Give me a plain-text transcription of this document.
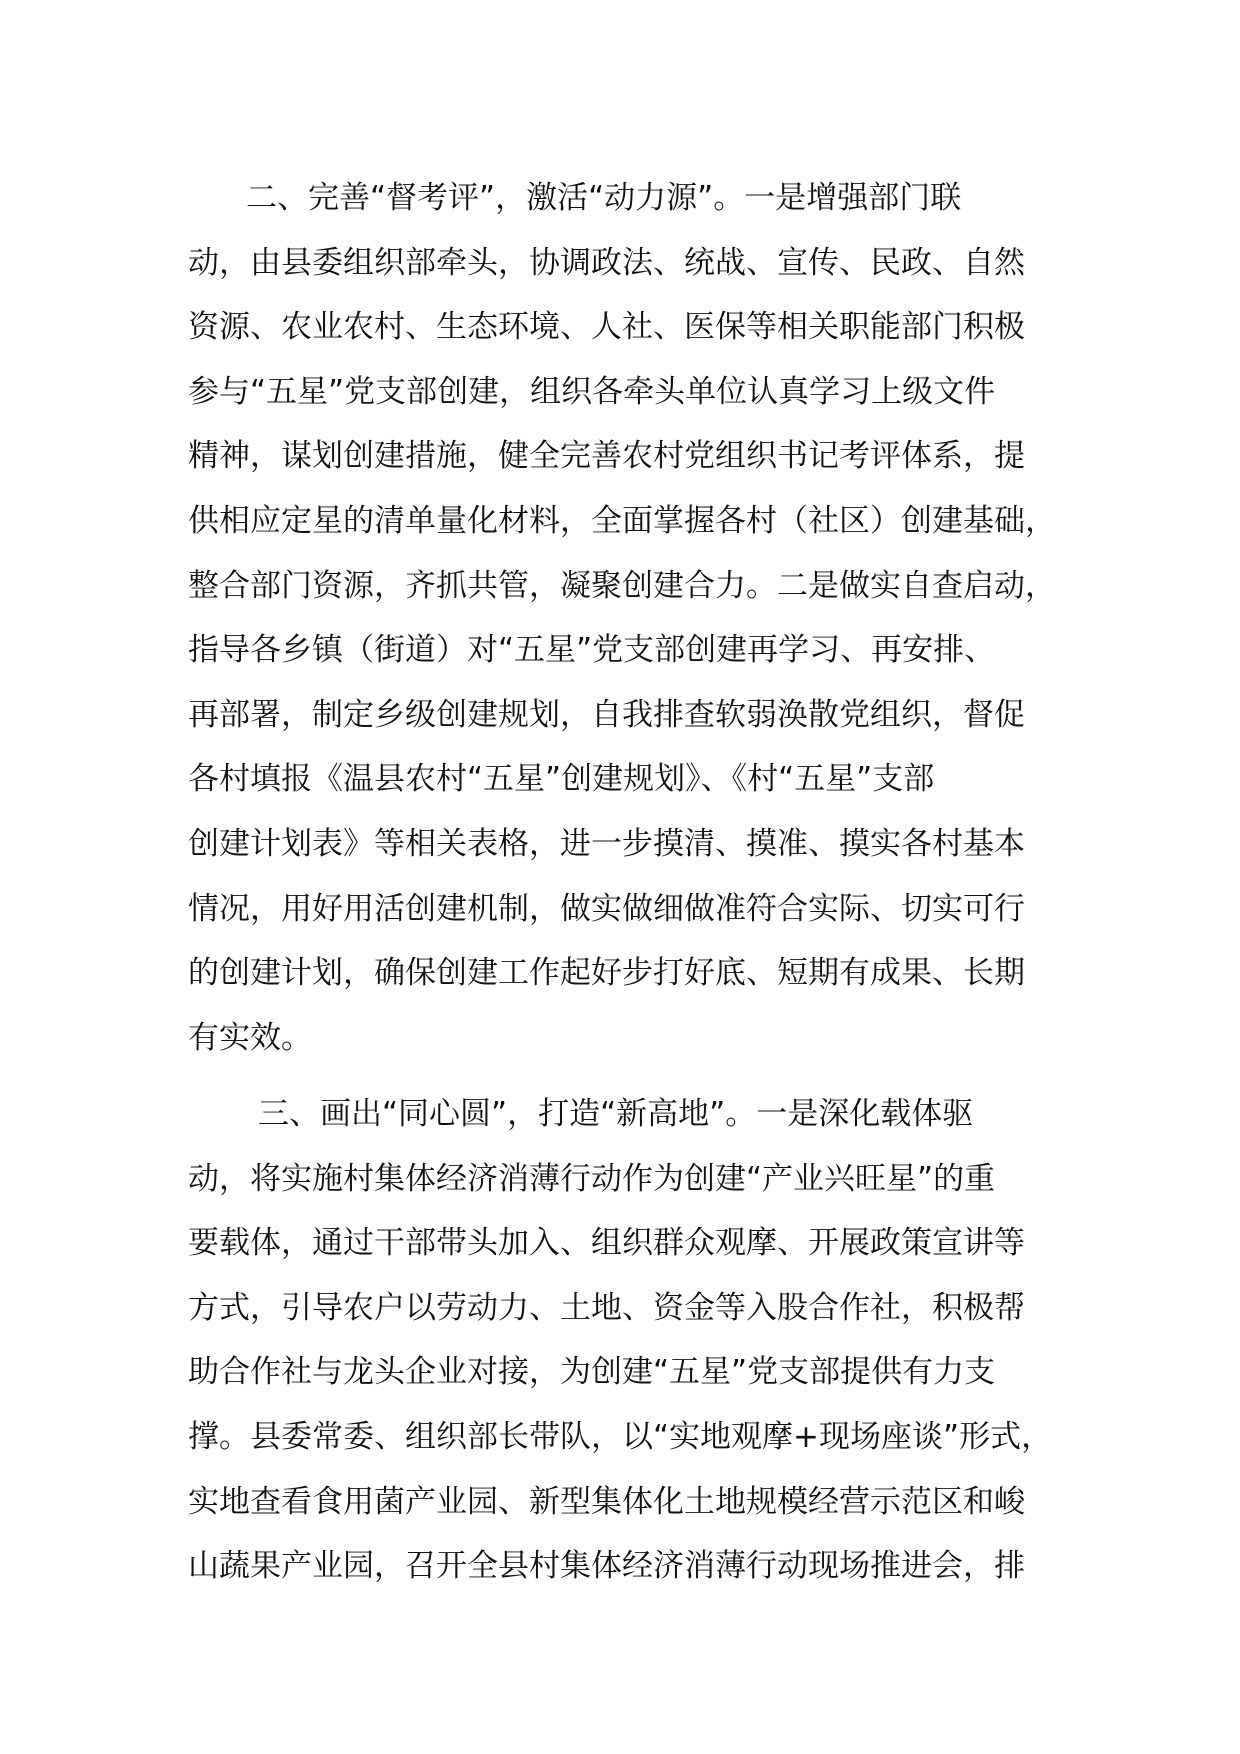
二、完善“督考评”，激活“动力源”。一是增强部门联
动，由县委组织部牵头，协调政法、统战、宣传、民政、自然
资源、农业农村、生态环境、人社、医保等相关职能部门积极
参与“五星”党支部创建，组织各牵头单位认真学习上级文件
精神，谋划创建措施，健全完善农村党组织书记考评体系，提
供相应定星的清单量化材料，全面掌握各村（社区）创建基础，
整合部门资源，齐抓共管，凝聚创建合力。二是做实自查启动，
指导各乡镇（街道）对“五星”党支部创建再学习、再安排、
再部署，制定乡级创建规划，自我排查软弱涣散党组织，督促
各村填报《温县农村“五星”创建规划》、《村“五星”支部
创建计划表》等相关表格，进一步摸清、摸准、摸实各村基本
情况，用好用活创建机制，做实做细做准符合实际、切实可行
的创建计划，确保创建工作起好步打好底、短期有成果、长期
有实效。
三、画出“同心圆”，打造“新高地”。一是深化载体驱
动，将实施村集体经济消薄行动作为创建“产业兴旺星”的重
要载体，通过干部带头加入、组织群众观摩、开展政策宣讲等
方式，引导农户以劳动力、土地、资金等入股合作社，积极帮
助合作社与龙头企业对接，为创建“五星”党支部提供有力支
撑。县委常委、组织部长带队，以“实地观摩+现场座谈”形式，
实地查看食用菌产业园、新型集体化土地规模经营示范区和峻
山蔬果产业园，召开全县村集体经济消薄行动现场推进会，排
